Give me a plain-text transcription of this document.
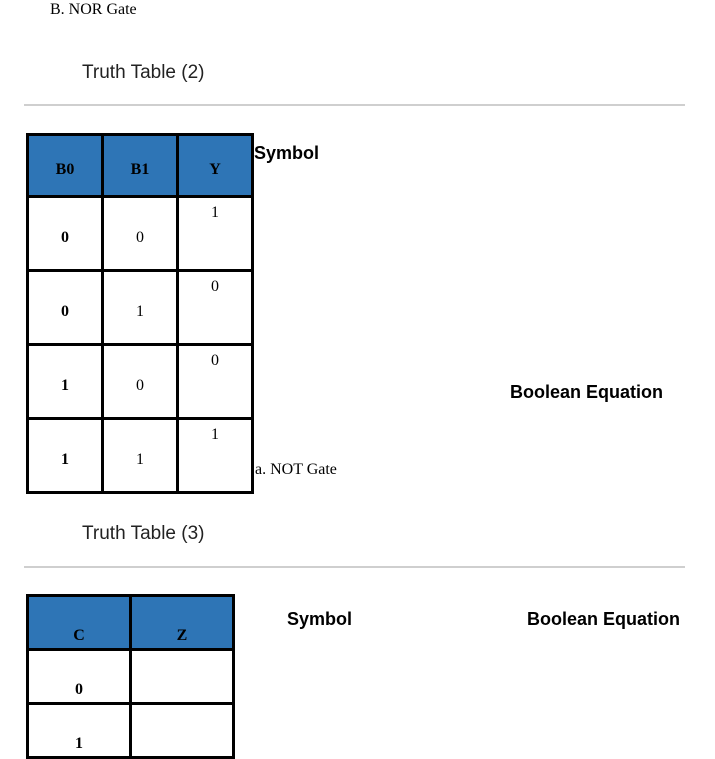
B. NOR Gate
Truth Table (2)
B0	B1	Y
0	0	1
0	1	0
1	0	0
1	1	1
Symbol
Boolean Equation
a. NOT Gate
Truth Table (3)
C	Z
0	
1	
Symbol	Boolean Equation
